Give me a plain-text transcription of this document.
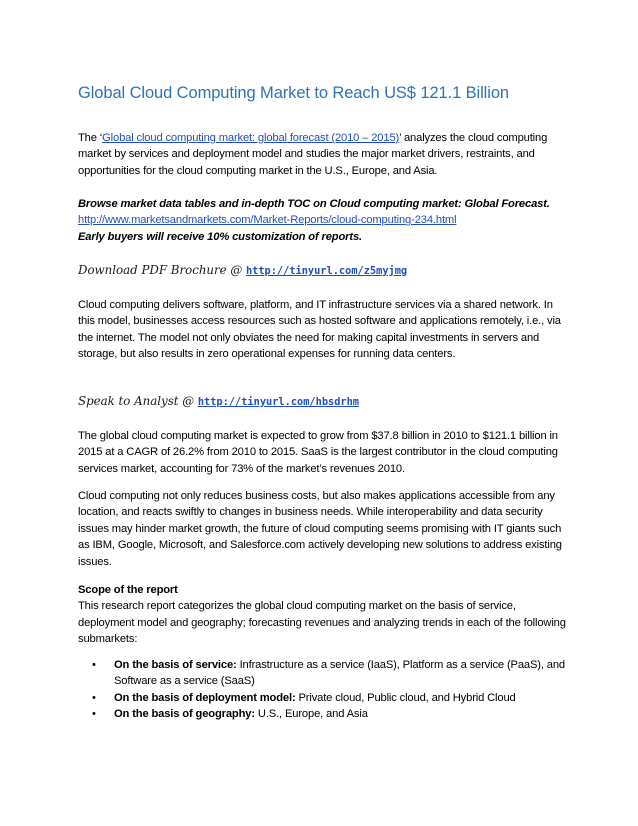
Global Cloud Computing Market to Reach US$ 121.1 Billion
The ‘Global cloud computing market: global forecast (2010 – 2015)’ analyzes the cloud computing market by services and deployment model and studies the major market drivers, restraints, and opportunities for the cloud computing market in the U.S., Europe, and Asia.
Browse market data tables and in-depth TOC on Cloud computing market: Global Forecast.
http://www.marketsandmarkets.com/Market-Reports/cloud-computing-234.html
Early buyers will receive 10% customization of reports.
Download PDF Brochure @ http://tinyurl.com/z5myjmg
Cloud computing delivers software, platform, and IT infrastructure services via a shared network. In this model, businesses access resources such as hosted software and applications remotely, i.e., via the internet. The model not only obviates the need for making capital investments in servers and storage, but also results in zero operational expenses for running data centers.
Speak to Analyst @ http://tinyurl.com/hbsdrhm
The global cloud computing market is expected to grow from $37.8 billion in 2010 to $121.1 billion in 2015 at a CAGR of 26.2% from 2010 to 2015. SaaS is the largest contributor in the cloud computing services market, accounting for 73% of the market’s revenues 2010.
Cloud computing not only reduces business costs, but also makes applications accessible from any location, and reacts swiftly to changes in business needs. While interoperability and data security issues may hinder market growth, the future of cloud computing seems promising with IT giants such as IBM, Google, Microsoft, and Salesforce.com actively developing new solutions to address existing issues.
Scope of the report
This research report categorizes the global cloud computing market on the basis of service, deployment model and geography; forecasting revenues and analyzing trends in each of the following submarkets:
• On the basis of service: Infrastructure as a service (IaaS), Platform as a service (PaaS), and Software as a service (SaaS)
• On the basis of deployment model: Private cloud, Public cloud, and Hybrid Cloud
• On the basis of geography: U.S., Europe, and Asia
